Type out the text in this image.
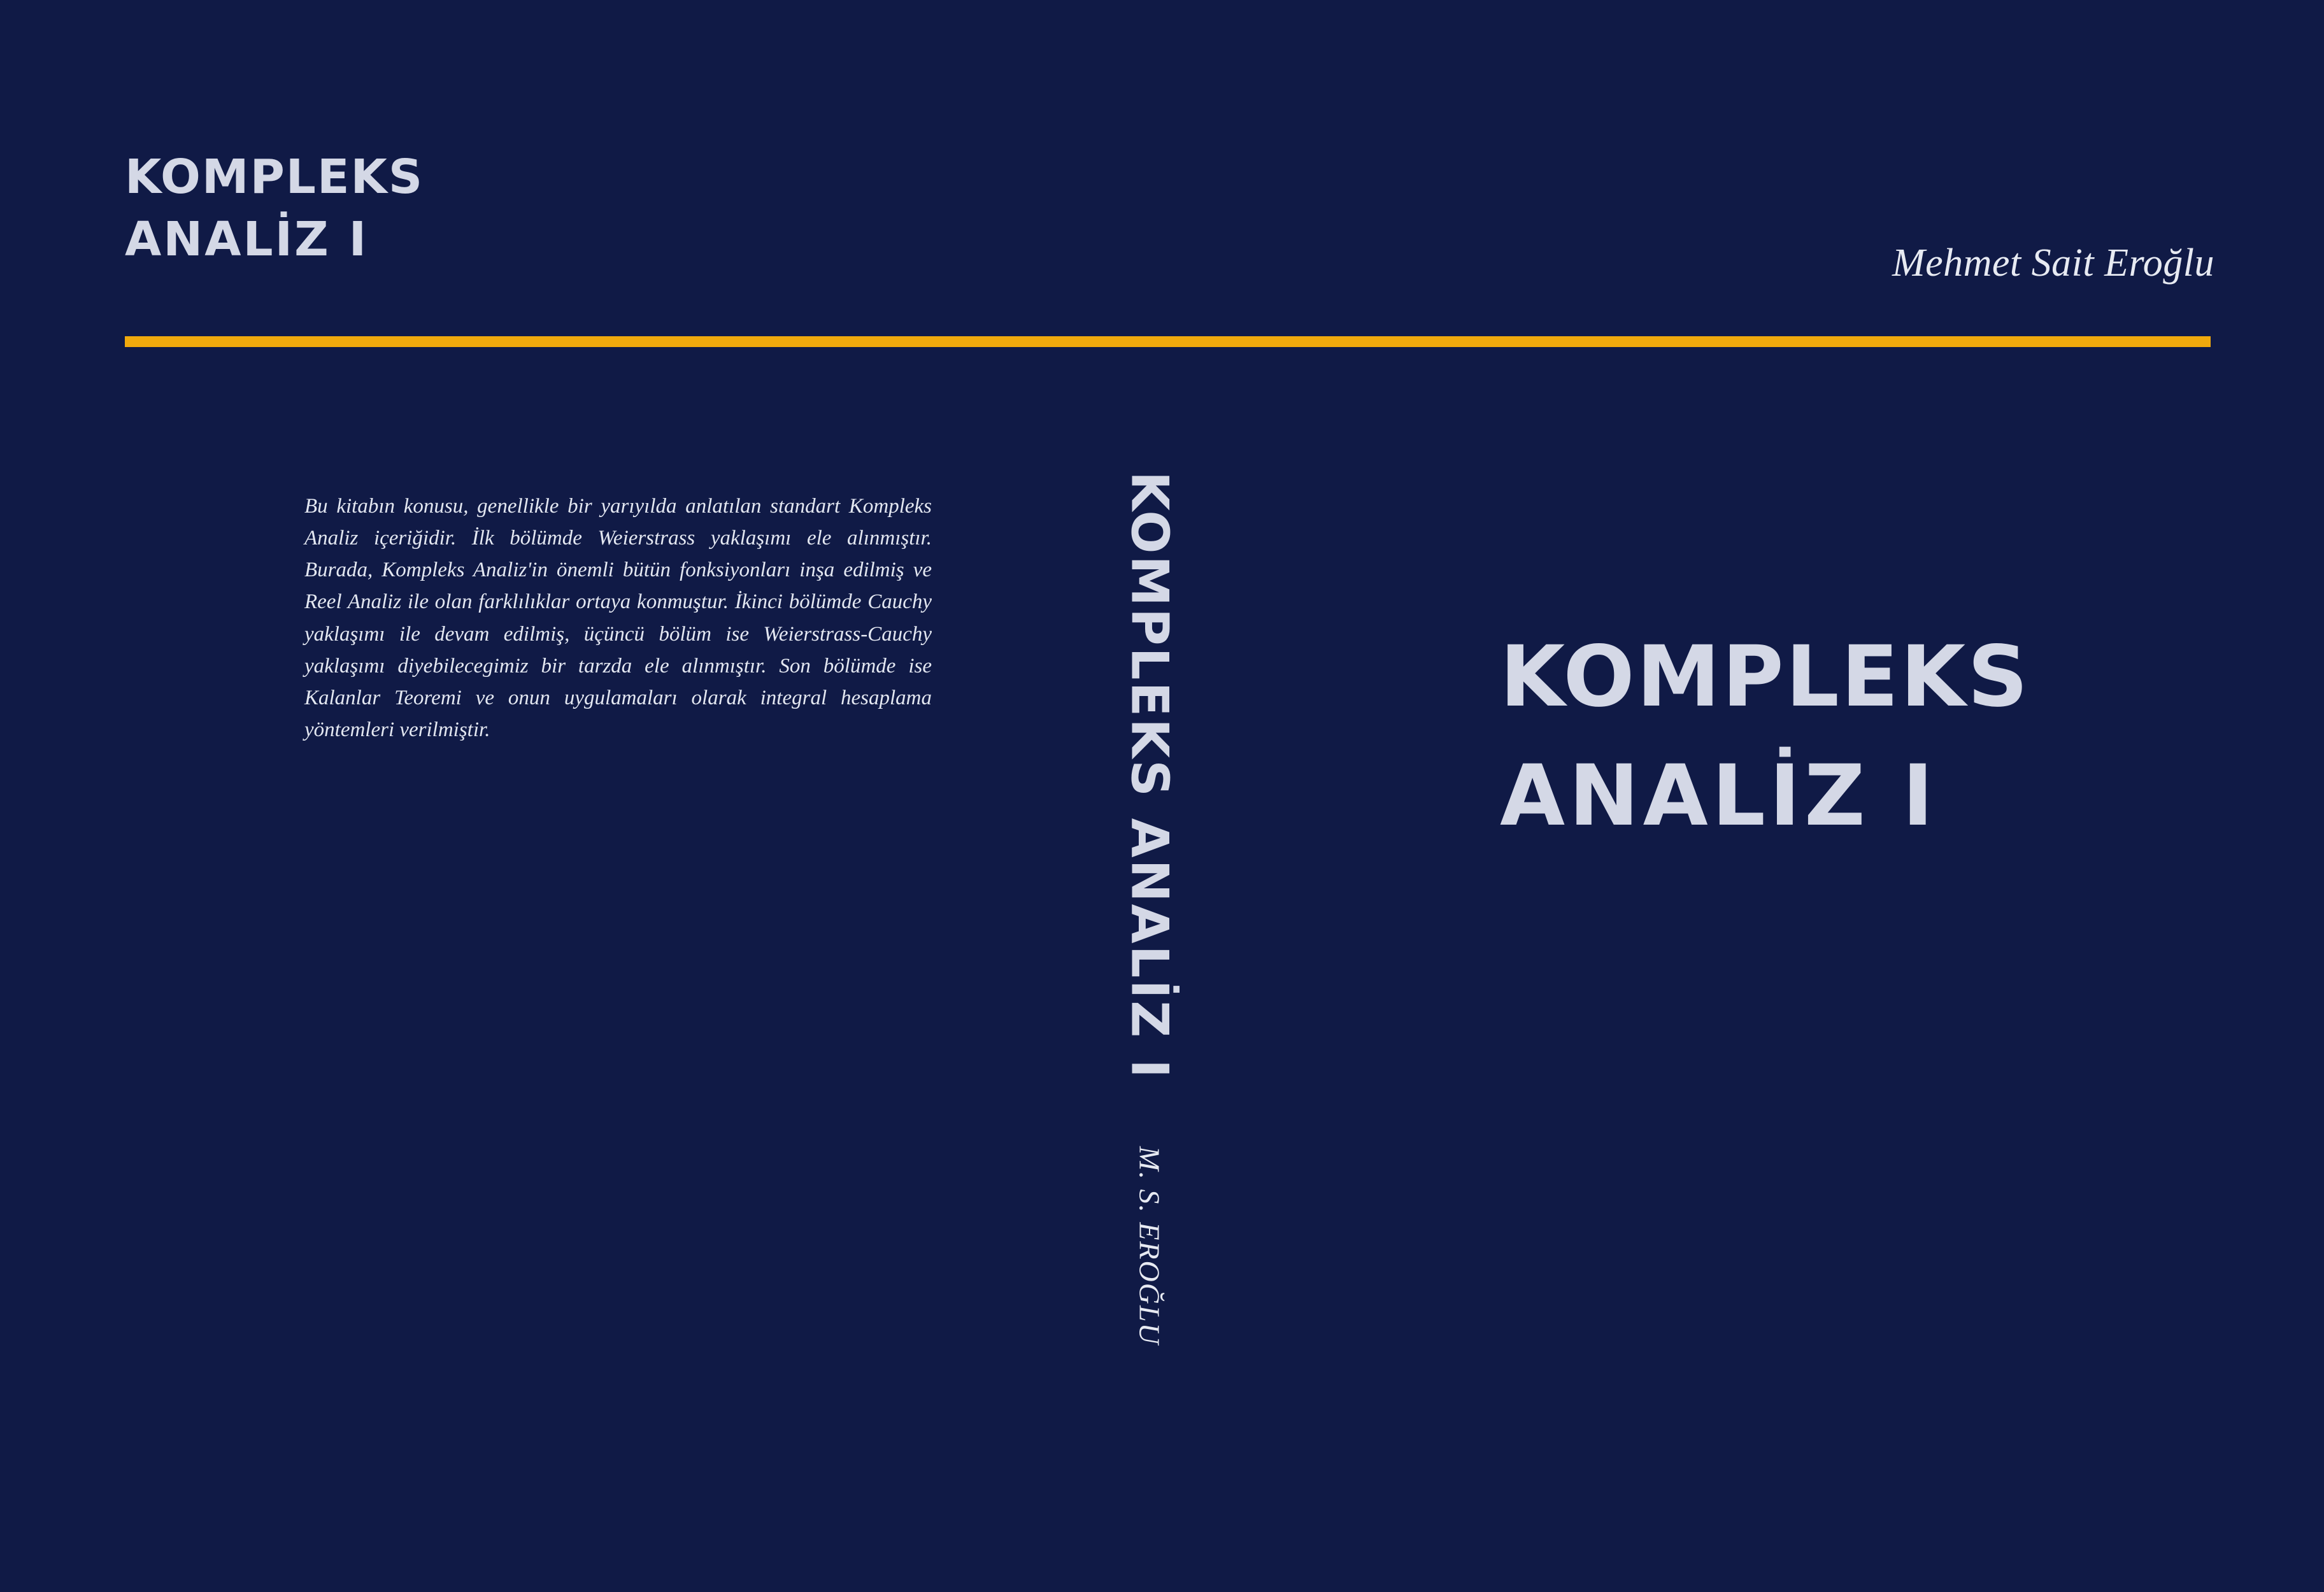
KOMPLEKS
ANALİZ I	Mehmet Sait Eroğlu
Bu kitabın konusu, genellikle bir yarıyılda anlatılan standart Kompleks Analiz içeriğidir. İlk bölümde Weierstrass yaklaşımı ele alınmıştır. Burada, Kompleks Analiz'in önemli bütün fonksiyonları inşa edilmiş ve Reel Analiz ile olan farklılıklar ortaya konmuştur. İkinci bölümde Cauchy yaklaşımı ile devam edilmiş, üçüncü bölüm ise Weierstrass-Cauchy yaklaşımı diyebilecegimiz bir tarzda ele alınmıştır. Son bölümde ise Kalanlar Teoremi ve onun uygulamaları olarak integral hesaplama yöntemleri verilmiştir.	KOMPLEKS ANALİZ I
M. S. EROĞLU
KOMPLEKS
ANALİZ I
